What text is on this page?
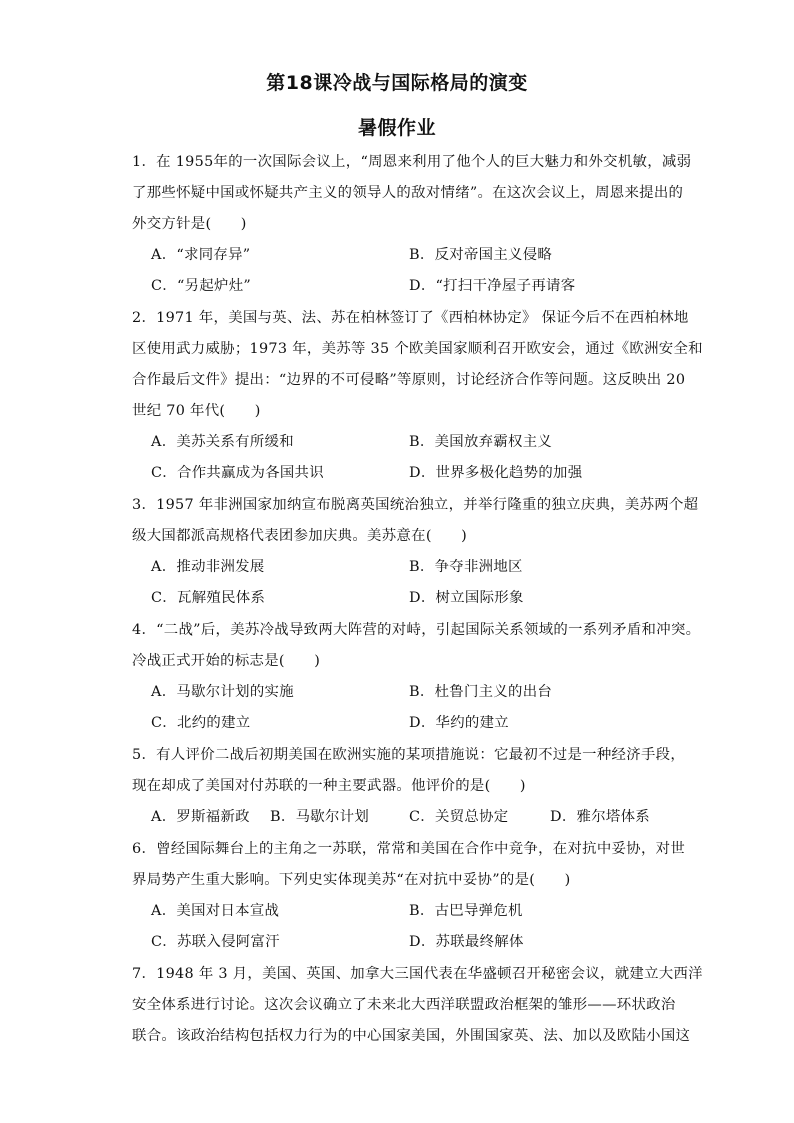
第18课冷战与国际格局的演变
暑假作业
1．在 1955年的一次国际会议上，“周恩来利用了他个人的巨大魅力和外交机敏，减弱
了那些怀疑中国或怀疑共产主义的领导人的敌对情绪”。在这次会议上，周恩来提出的
外交方针是(　　)
A．“求同存异”	B．反对帝国主义侵略
C．“另起炉灶”	D．“打扫干净屋子再请客
2．1971 年，美国与英、法、苏在柏林签订了《西柏林协定》 保证今后不在西柏林地
区使用武力威胁；1973 年，美苏等 35 个欧美国家顺利召开欧安会，通过《欧洲安全和
合作最后文件》提出：“边界的不可侵略”等原则，讨论经济合作等问题。这反映出 20
世纪 70 年代(　　)
A．美苏关系有所缓和	B．美国放弃霸权主义
C．合作共赢成为各国共识	D．世界多极化趋势的加强
3．1957 年非洲国家加纳宣布脱离英国统治独立，并举行隆重的独立庆典，美苏两个超
级大国都派高规格代表团参加庆典。美苏意在(　　)
A．推动非洲发展	B．争夺非洲地区
C．瓦解殖民体系	D．树立国际形象
4．“二战”后，美苏冷战导致两大阵营的对峙，引起国际关系领域的一系列矛盾和冲突。
冷战正式开始的标志是(　　)
A．马歇尔计划的实施	B．杜鲁门主义的出台
C．北约的建立	D．华约的建立
5．有人评价二战后初期美国在欧洲实施的某项措施说：它最初不过是一种经济手段，
现在却成了美国对付苏联的一种主要武器。他评价的是(　　)
A．罗斯福新政 B．马歇尔计划	C．关贸总协定	D．雅尔塔体系
6．曾经国际舞台上的主角之一苏联，常常和美国在合作中竞争，在对抗中妥协，对世
界局势产生重大影响。下列史实体现美苏“在对抗中妥协”的是(　　)
A．美国对日本宣战	B．古巴导弹危机
C．苏联入侵阿富汗	D．苏联最终解体
7．1948 年 3 月，美国、英国、加拿大三国代表在华盛顿召开秘密会议，就建立大西洋
安全体系进行讨论。这次会议确立了未来北大西洋联盟政治框架的雏形——环状政治
联合。该政治结构包括权力行为的中心国家美国，外围国家英、法、加以及欧陆小国这
